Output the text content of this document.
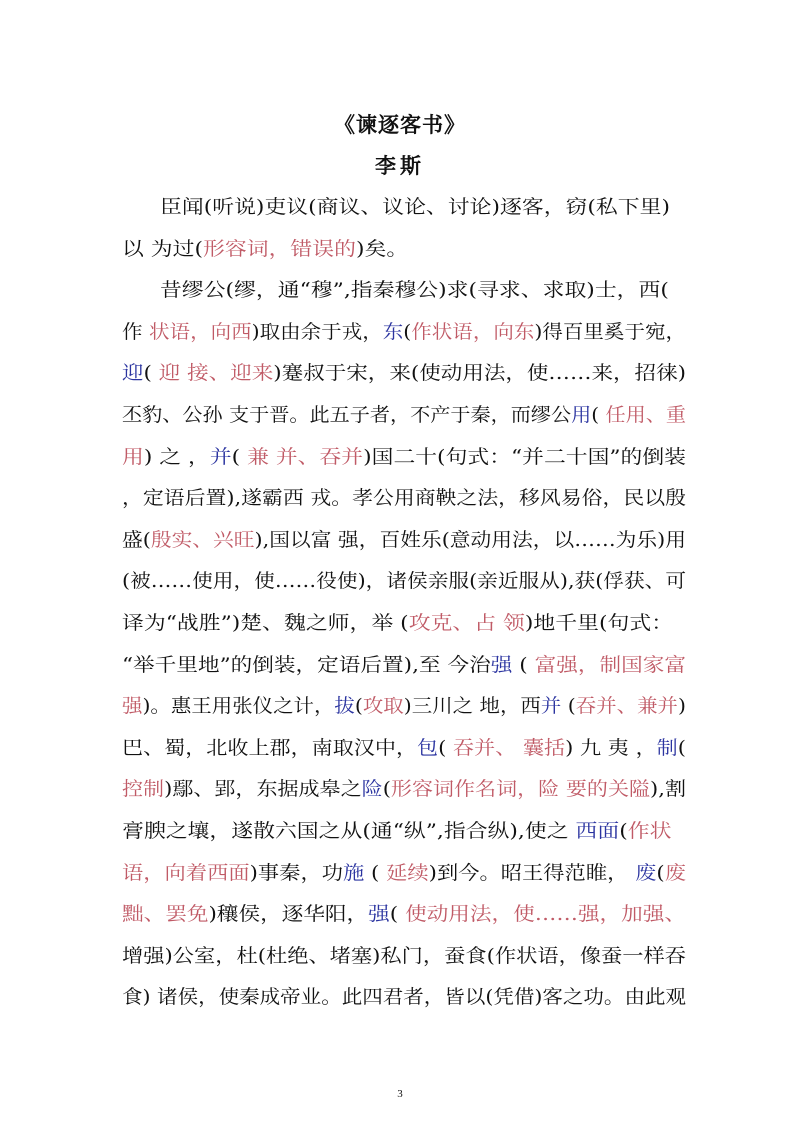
《谏逐客书》
李斯
臣闻(听说)吏议(商议、议论、讨论)逐客，窃(私下里)
以 为过(形容词，错误的)矣。
昔缪公(缪，通“穆”,指秦穆公)求(寻求、求取)士，西(
作 状语，向西)取由余于戎，东(作状语，向东)得百里奚于宛，
迎( 迎 接、迎来)蹇叔于宋，来(使动用法，使……来，招徕)
丕豹、公孙 支于晋。此五子者，不产于秦，而缪公用( 任用、重
用) 之 ，并( 兼 并、吞并)国二十(句式：“并二十国”的倒装
，定语后置),遂霸西 戎。孝公用商鞅之法，移风易俗，民以殷
盛(殷实、兴旺),国以富 强，百姓乐(意动用法，以……为乐)用
(被……使用，使……役使)，诸侯亲服(亲近服从),获(俘获、可
译为“战胜”)楚、魏之师，举 (攻克、占 领)地千里(句式：
“举千里地”的倒装，定语后置),至 今治强 ( 富强，制国家富
强)。惠王用张仪之计，拔(攻取)三川之 地，西并 (吞并、兼并)
巴、蜀，北收上郡，南取汉中，包( 吞并、 囊括) 九 夷 ，制(
控制)鄢、郢，东据成皋之险(形容词作名词，险 要的关隘),割
膏腴之壤，遂散六国之从(通“纵”,指合纵),使之 西面(作状
语，向着西面)事秦，功施 ( 延续)到今。昭王得范睢， 废(废
黜、罢免)穰侯，逐华阳，强( 使动用法，使……强，加强、
增强)公室，杜(杜绝、堵塞)私门，蚕食(作状语，像蚕一样吞
食) 诸侯，使秦成帝业。此四君者，皆以(凭借)客之功。由此观
3
